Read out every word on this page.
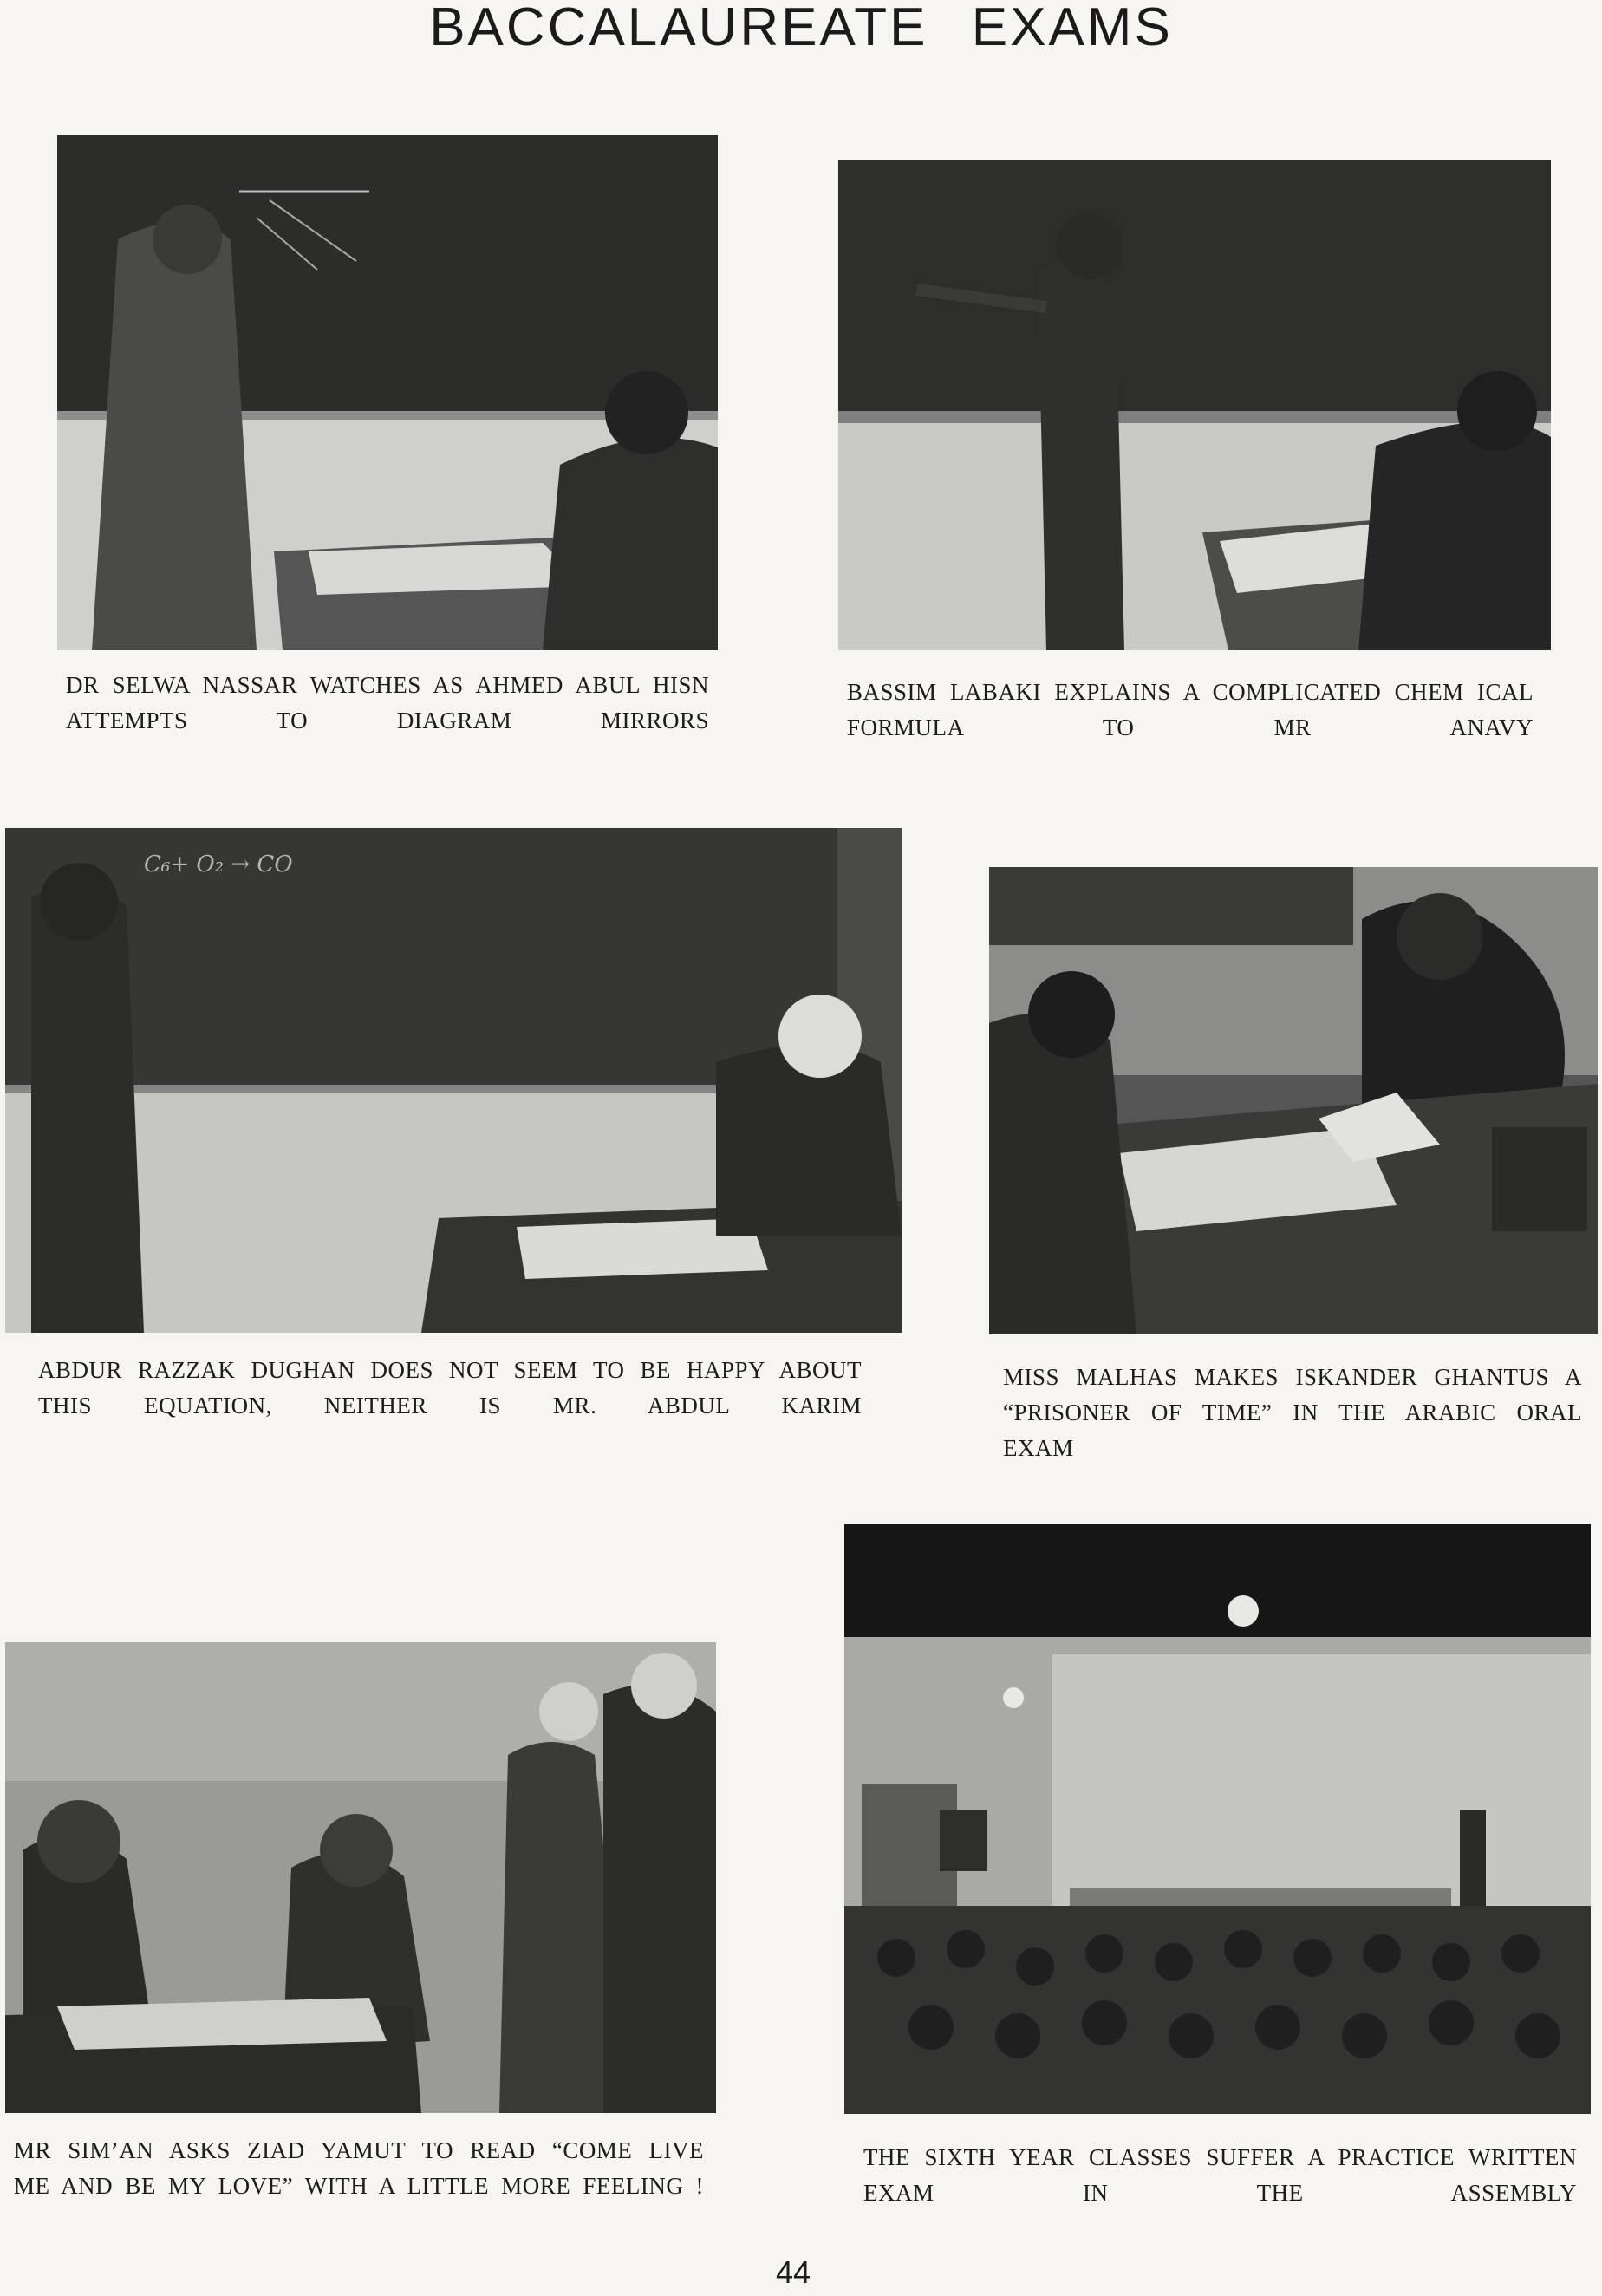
BACCALAUREATE EXAMS
DR SELWA NASSAR WATCHES AS AHMED ABUL HISN ATTEMPTS TO DIAGRAM MIRRORS
BASSIM LABAKI EXPLAINS A COMPLICATED CHEM ICAL FORMULA TO MR ANAVY
C₆+ O₂ → CO
ABDUR RAZZAK DUGHAN DOES NOT SEEM TO BE HAPPY ABOUT THIS EQUATION, NEITHER IS MR. ABDUL KARIM
MISS MALHAS MAKES ISKANDER GHANTUS A “PRISONER OF TIME” IN THE ARABIC ORAL EXAM
MR SIM’AN ASKS ZIAD YAMUT TO READ “COME LIVE ME AND BE MY LOVE” WITH A LITTLE MORE FEELING !
THE SIXTH YEAR CLASSES SUFFER A PRACTICE WRITTEN EXAM IN THE ASSEMBLY
44
